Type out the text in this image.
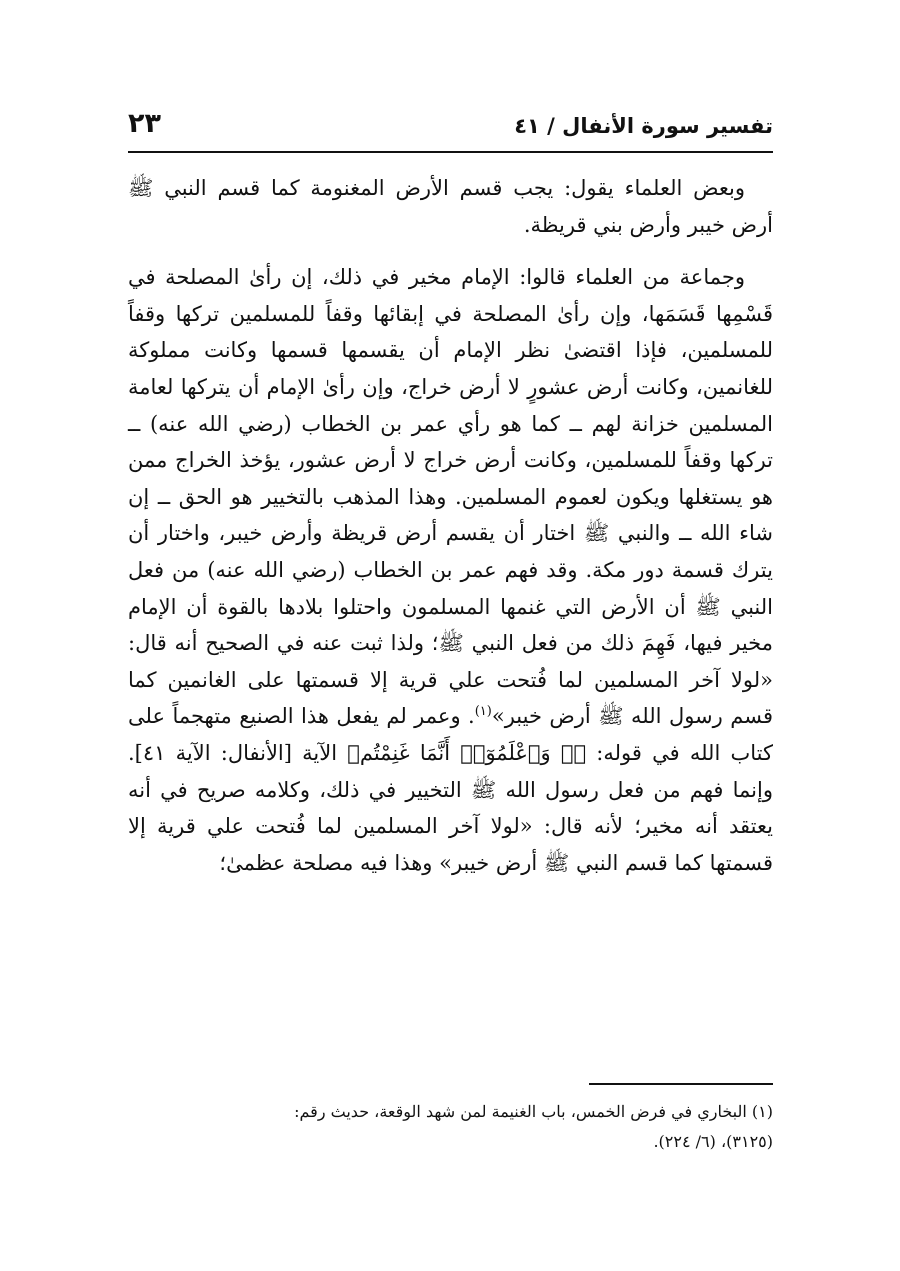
تفسير سورة الأنفال / ٤١
٢٣

وبعض العلماء يقول: يجب قسم الأرض المغنومة كما قسم النبي ﷺ أرض خيبر وأرض بني قريظة.

وجماعة من العلماء قالوا: الإمام مخير في ذلك، إن رأىٰ المصلحة في قَسْمِها قَسَمَها، وإن رأىٰ المصلحة في إبقائها وقفاً للمسلمين تركها وقفاً للمسلمين، فإذا اقتضىٰ نظر الإمام أن يقسمها قسمها وكانت مملوكة للغانمين، وكانت أرض عشورٍ لا أرض خراج، وإن رأىٰ الإمام أن يتركها لعامة المسلمين خزانة لهم ــ كما هو رأي عمر بن الخطاب (رضي الله عنه) ــ تركها وقفاً للمسلمين، وكانت أرض خراج لا أرض عشور، يؤخذ الخراج ممن هو يستغلها ويكون لعموم المسلمين. وهذا المذهب بالتخيير هو الحق ــ إن شاء الله ــ والنبي ﷺ اختار أن يقسم أرض قريظة وأرض خيبر، واختار أن يترك قسمة دور مكة. وقد فهم عمر بن الخطاب (رضي الله عنه) من فعل النبي ﷺ أن الأرض التي غنمها المسلمون واحتلوا بلادها بالقوة أن الإمام مخير فيها، فَهِمَ ذلك من فعل النبي ﷺ؛ ولذا ثبت عنه في الصحيح أنه قال: «لولا آخر المسلمين لما فُتحت علي قرية إلا قسمتها على الغانمين كما قسم رسول الله ﷺ أرض خيبر»$^{(١)}$. وعمر لم يفعل هذا الصنيع متهجماً على كتاب الله في قوله: ﴿۞ وَٱعْلَمُوٓا۟ أَنَّمَا غَنِمْتُم﴾ الآية [الأنفال: الآية ٤١]. وإنما فهم من فعل رسول الله ﷺ التخيير في ذلك، وكلامه صريح في أنه يعتقد أنه مخير؛ لأنه قال: «لولا آخر المسلمين لما فُتحت علي قرية إلا قسمتها كما قسم النبي ﷺ أرض خيبر» وهذا فيه مصلحة عظمىٰ؛

(١) البخاري في فرض الخمس، باب الغنيمة لمن شهد الوقعة، حديث رقم:
(٣١٢٥)، (٦/ ٢٢٤).
